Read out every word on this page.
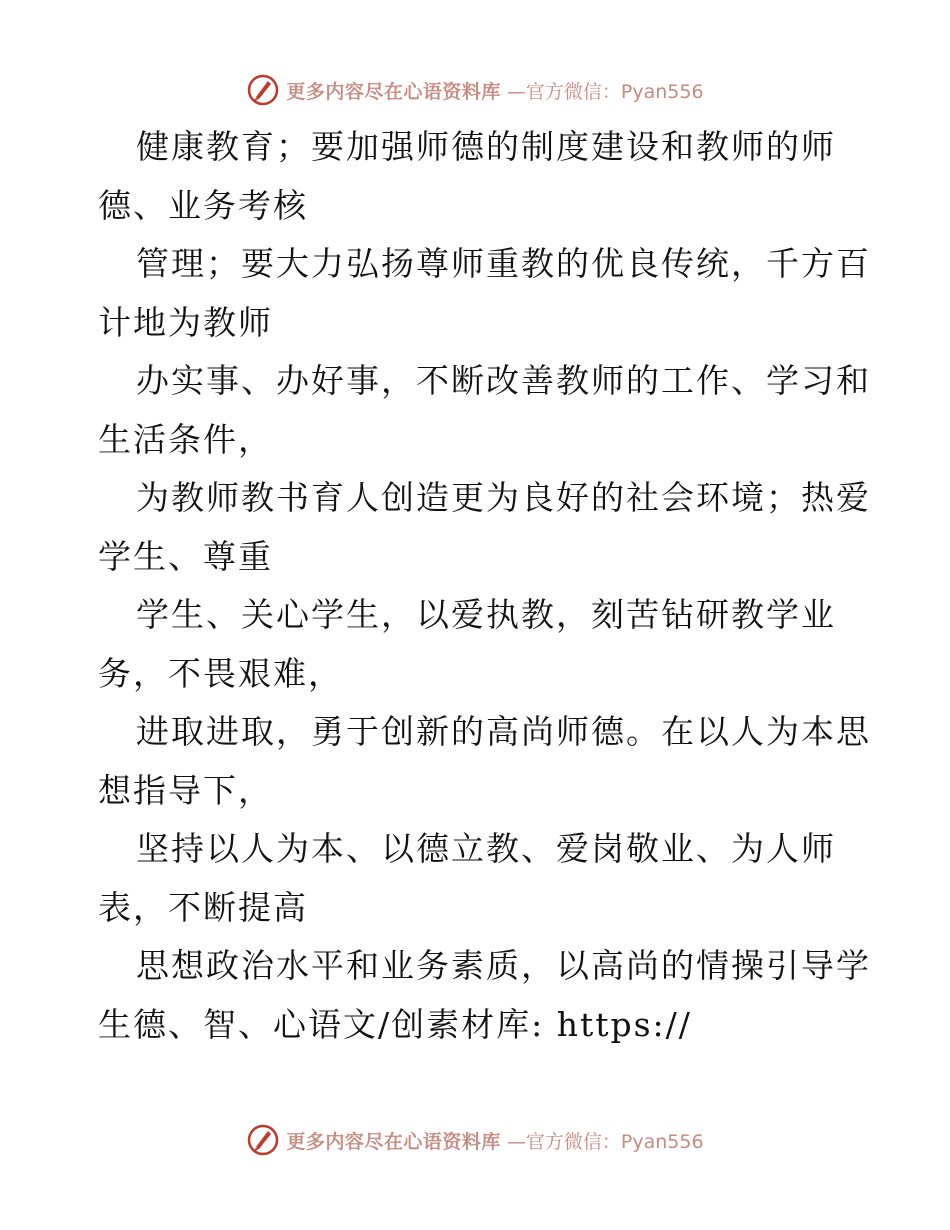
更多内容尽在心语资料库 —官方微信：Pyan556
健康教育；要加强师德的制度建设和教师的师
德、业务考核
管理；要大力弘扬尊师重教的优良传统，千方百
计地为教师
办实事、办好事，不断改善教师的工作、学习和
生活条件，
为教师教书育人创造更为良好的社会环境；热爱
学生、尊重
学生、关心学生，以爱执教，刻苦钻研教学业
务，不畏艰难，
进取进取，勇于创新的高尚师德。在以人为本思
想指导下，
坚持以人为本、以德立教、爱岗敬业、为人师
表，不断提高
思想政治水平和业务素质，以高尚的情操引导学
生德、智、心语文/创素材库: https://
更多内容尽在心语资料库 —官方微信：Pyan556
